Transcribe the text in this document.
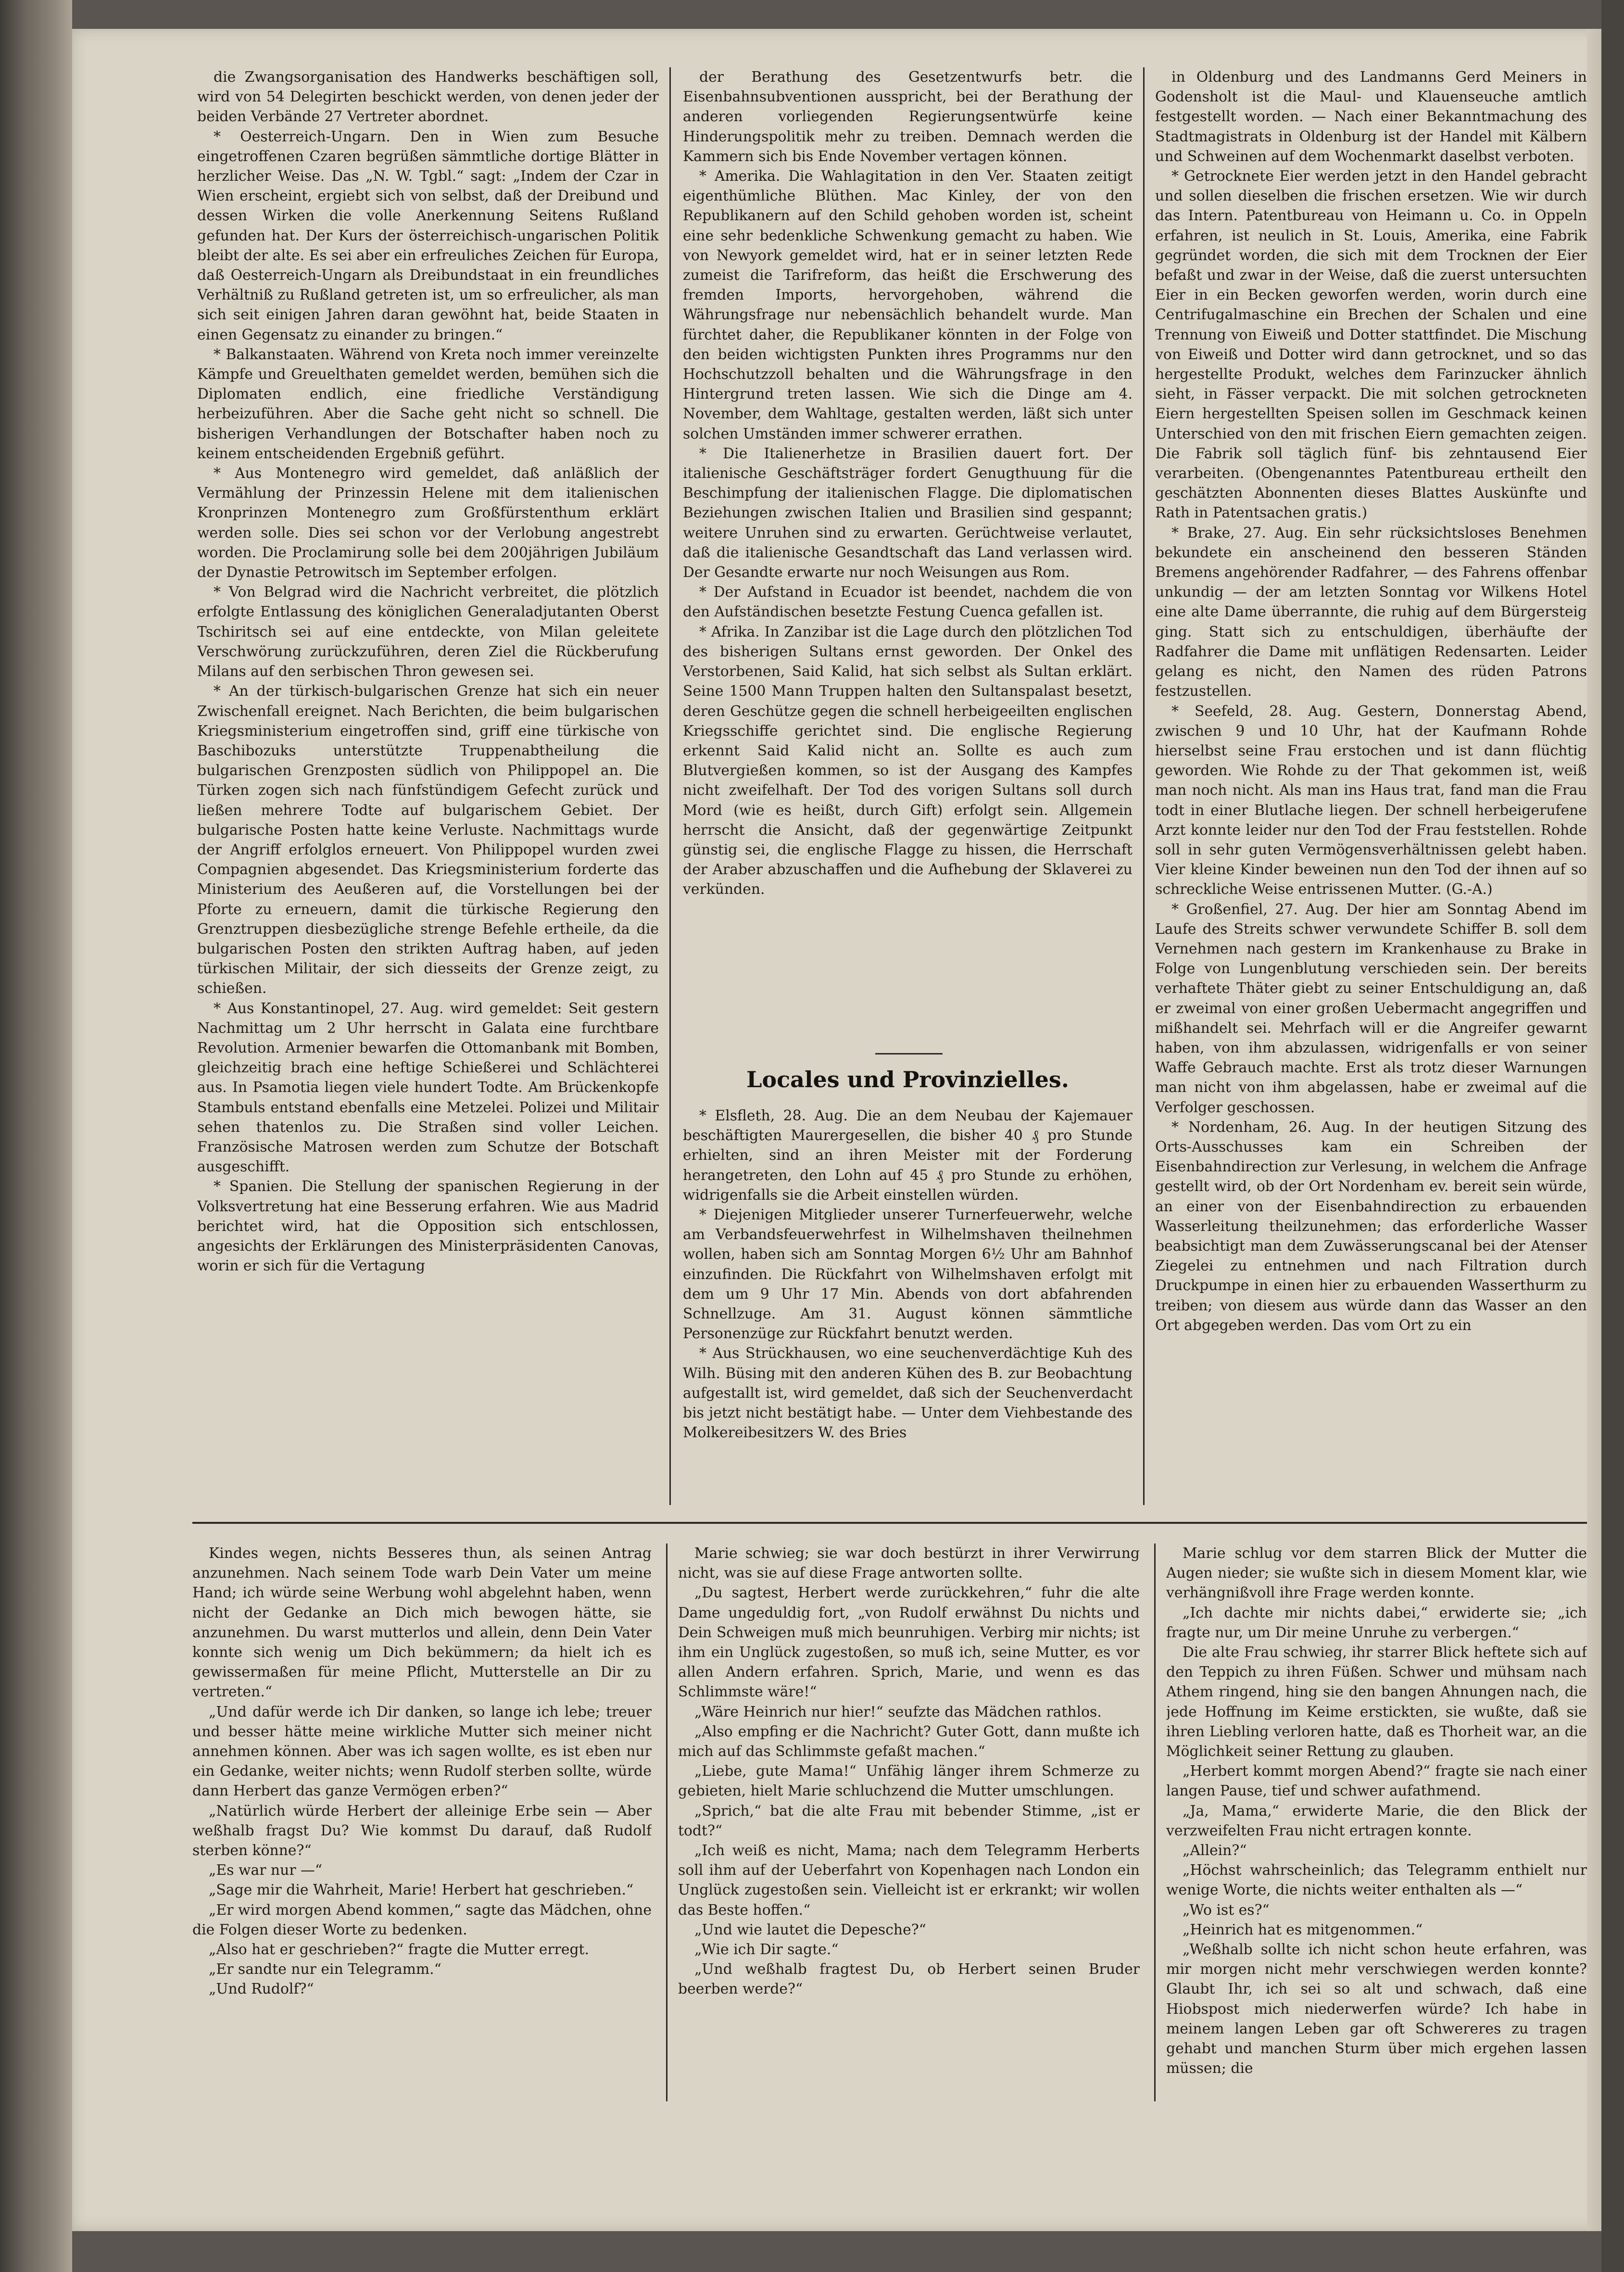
die Zwangsorganisation des Handwerks beschäftigen soll, wird von 54 Delegirten beschickt werden, von denen jeder der beiden Verbände 27 Vertreter abordnet.

* Oesterreich-Ungarn. Den in Wien zum Besuche eingetroffenen Czaren begrüßen sämmtliche dortige Blätter in herzlicher Weise. Das „N. W. Tgbl.“ sagt: „Indem der Czar in Wien erscheint, ergiebt sich von selbst, daß der Dreibund und dessen Wirken die volle Anerkennung Seitens Rußland gefunden hat. Der Kurs der österreichisch-ungarischen Politik bleibt der alte. Es sei aber ein erfreuliches Zeichen für Europa, daß Oesterreich-Ungarn als Dreibundstaat in ein freundliches Verhältniß zu Rußland getreten ist, um so erfreulicher, als man sich seit einigen Jahren daran gewöhnt hat, beide Staaten in einen Gegensatz zu einander zu bringen.“

* Balkanstaaten. Während von Kreta noch immer vereinzelte Kämpfe und Greuelthaten gemeldet werden, bemühen sich die Diplomaten endlich, eine friedliche Verständigung herbeizuführen. Aber die Sache geht nicht so schnell. Die bisherigen Verhandlungen der Botschafter haben noch zu keinem entscheidenden Ergebniß geführt.

* Aus Montenegro wird gemeldet, daß anläßlich der Vermählung der Prinzessin Helene mit dem italienischen Kronprinzen Montenegro zum Großfürstenthum erklärt werden solle. Dies sei schon vor der Verlobung angestrebt worden. Die Proclamirung solle bei dem 200jährigen Jubiläum der Dynastie Petrowitsch im September erfolgen.

* Von Belgrad wird die Nachricht verbreitet, die plötzlich erfolgte Entlassung des königlichen Generaladjutanten Oberst Tschiritsch sei auf eine entdeckte, von Milan geleitete Verschwörung zurückzuführen, deren Ziel die Rückberufung Milans auf den serbischen Thron gewesen sei.

* An der türkisch-bulgarischen Grenze hat sich ein neuer Zwischenfall ereignet. Nach Berichten, die beim bulgarischen Kriegsministerium eingetroffen sind, griff eine türkische von Baschibozuks unterstützte Truppenabtheilung die bulgarischen Grenzposten südlich von Philippopel an. Die Türken zogen sich nach fünfstündigem Gefecht zurück und ließen mehrere Todte auf bulgarischem Gebiet. Der bulgarische Posten hatte keine Verluste. Nachmittags wurde der Angriff erfolglos erneuert. Von Philippopel wurden zwei Compagnien abgesendet. Das Kriegsministerium forderte das Ministerium des Aeußeren auf, die Vorstellungen bei der Pforte zu erneuern, damit die türkische Regierung den Grenztruppen diesbezügliche strenge Befehle ertheile, da die bulgarischen Posten den strikten Auftrag haben, auf jeden türkischen Militair, der sich diesseits der Grenze zeigt, zu schießen.

* Aus Konstantinopel, 27. Aug. wird gemeldet: Seit gestern Nachmittag um 2 Uhr herrscht in Galata eine furchtbare Revolution. Armenier bewarfen die Ottomanbank mit Bomben, gleichzeitig brach eine heftige Schießerei und Schlächterei aus. In Psamotia liegen viele hundert Todte. Am Brückenkopfe Stambuls entstand ebenfalls eine Metzelei. Polizei und Militair sehen thatenlos zu. Die Straßen sind voller Leichen. Französische Matrosen werden zum Schutze der Botschaft ausgeschifft.

* Spanien. Die Stellung der spanischen Regierung in der Volksvertretung hat eine Besserung erfahren. Wie aus Madrid berichtet wird, hat die Opposition sich entschlossen, angesichts der Erklärungen des Ministerpräsidenten Canovas, worin er sich für die Vertagung

der Berathung des Gesetzentwurfs betr. die Eisenbahnsubventionen ausspricht, bei der Berathung der anderen vorliegenden Regierungsentwürfe keine Hinderungspolitik mehr zu treiben. Demnach werden die Kammern sich bis Ende November vertagen können.

* Amerika. Die Wahlagitation in den Ver. Staaten zeitigt eigenthümliche Blüthen. Mac Kinley, der von den Republikanern auf den Schild gehoben worden ist, scheint eine sehr bedenkliche Schwenkung gemacht zu haben. Wie von Newyork gemeldet wird, hat er in seiner letzten Rede zumeist die Tarifreform, das heißt die Erschwerung des fremden Imports, hervorgehoben, während die Währungsfrage nur nebensächlich behandelt wurde. Man fürchtet daher, die Republikaner könnten in der Folge von den beiden wichtigsten Punkten ihres Programms nur den Hochschutzzoll behalten und die Währungsfrage in den Hintergrund treten lassen. Wie sich die Dinge am 4. November, dem Wahltage, gestalten werden, läßt sich unter solchen Umständen immer schwerer errathen.

* Die Italienerhetze in Brasilien dauert fort. Der italienische Geschäftsträger fordert Genugthuung für die Beschimpfung der italienischen Flagge. Die diplomatischen Beziehungen zwischen Italien und Brasilien sind gespannt; weitere Unruhen sind zu erwarten. Gerüchtweise verlautet, daß die italienische Gesandtschaft das Land verlassen wird. Der Gesandte erwarte nur noch Weisungen aus Rom.

* Der Aufstand in Ecuador ist beendet, nachdem die von den Aufständischen besetzte Festung Cuenca gefallen ist.

* Afrika. In Zanzibar ist die Lage durch den plötzlichen Tod des bisherigen Sultans ernst geworden. Der Onkel des Verstorbenen, Said Kalid, hat sich selbst als Sultan erklärt. Seine 1500 Mann Truppen halten den Sultanspalast besetzt, deren Geschütze gegen die schnell herbeigeeilten englischen Kriegsschiffe gerichtet sind. Die englische Regierung erkennt Said Kalid nicht an. Sollte es auch zum Blutvergießen kommen, so ist der Ausgang des Kampfes nicht zweifelhaft. Der Tod des vorigen Sultans soll durch Mord (wie es heißt, durch Gift) erfolgt sein. Allgemein herrscht die Ansicht, daß der gegenwärtige Zeitpunkt günstig sei, die englische Flagge zu hissen, die Herrschaft der Araber abzuschaffen und die Aufhebung der Sklaverei zu verkünden.

Locales und Provinzielles.

* Elsfleth, 28. Aug. Die an dem Neubau der Kajemauer beschäftigten Maurergesellen, die bisher 40 ₰ pro Stunde erhielten, sind an ihren Meister mit der Forderung herangetreten, den Lohn auf 45 ₰ pro Stunde zu erhöhen, widrigenfalls sie die Arbeit einstellen würden.

* Diejenigen Mitglieder unserer Turnerfeuerwehr, welche am Verbandsfeuerwehrfest in Wilhelmshaven theilnehmen wollen, haben sich am Sonntag Morgen 6½ Uhr am Bahnhof einzufinden. Die Rückfahrt von Wilhelmshaven erfolgt mit dem um 9 Uhr 17 Min. Abends von dort abfahrenden Schnellzuge. Am 31. August können sämmtliche Personenzüge zur Rückfahrt benutzt werden.

* Aus Strückhausen, wo eine seuchenverdächtige Kuh des Wilh. Büsing mit den anderen Kühen des B. zur Beobachtung aufgestallt ist, wird gemeldet, daß sich der Seuchenverdacht bis jetzt nicht bestätigt habe. — Unter dem Viehbestande des Molkereibesitzers W. des Bries

in Oldenburg und des Landmanns Gerd Meiners in Godensholt ist die Maul- und Klauenseuche amtlich festgestellt worden. — Nach einer Bekanntmachung des Stadtmagistrats in Oldenburg ist der Handel mit Kälbern und Schweinen auf dem Wochenmarkt daselbst verboten.

* Getrocknete Eier werden jetzt in den Handel gebracht und sollen dieselben die frischen ersetzen. Wie wir durch das Intern. Patentbureau von Heimann u. Co. in Oppeln erfahren, ist neulich in St. Louis, Amerika, eine Fabrik gegründet worden, die sich mit dem Trocknen der Eier befaßt und zwar in der Weise, daß die zuerst untersuchten Eier in ein Becken geworfen werden, worin durch eine Centrifugalmaschine ein Brechen der Schalen und eine Trennung von Eiweiß und Dotter stattfindet. Die Mischung von Eiweiß und Dotter wird dann getrocknet, und so das hergestellte Produkt, welches dem Farinzucker ähnlich sieht, in Fässer verpackt. Die mit solchen getrockneten Eiern hergestellten Speisen sollen im Geschmack keinen Unterschied von den mit frischen Eiern gemachten zeigen. Die Fabrik soll täglich fünf- bis zehntausend Eier verarbeiten. (Obengenanntes Patentbureau ertheilt den geschätzten Abonnenten dieses Blattes Auskünfte und Rath in Patentsachen gratis.)

* Brake, 27. Aug. Ein sehr rücksichtsloses Benehmen bekundete ein anscheinend den besseren Ständen Bremens angehörender Radfahrer, — des Fahrens offenbar unkundig — der am letzten Sonntag vor Wilkens Hotel eine alte Dame überrannte, die ruhig auf dem Bürgersteig ging. Statt sich zu entschuldigen, überhäufte der Radfahrer die Dame mit unflätigen Redensarten. Leider gelang es nicht, den Namen des rüden Patrons festzustellen.

* Seefeld, 28. Aug. Gestern, Donnerstag Abend, zwischen 9 und 10 Uhr, hat der Kaufmann Rohde hierselbst seine Frau erstochen und ist dann flüchtig geworden. Wie Rohde zu der That gekommen ist, weiß man noch nicht. Als man ins Haus trat, fand man die Frau todt in einer Blutlache liegen. Der schnell herbeigerufene Arzt konnte leider nur den Tod der Frau feststellen. Rohde soll in sehr guten Vermögensverhältnissen gelebt haben. Vier kleine Kinder beweinen nun den Tod der ihnen auf so schreckliche Weise entrissenen Mutter. (G.-A.)

* Großenfiel, 27. Aug. Der hier am Sonntag Abend im Laufe des Streits schwer verwundete Schiffer B. soll dem Vernehmen nach gestern im Krankenhause zu Brake in Folge von Lungenblutung verschieden sein. Der bereits verhaftete Thäter giebt zu seiner Entschuldigung an, daß er zweimal von einer großen Uebermacht angegriffen und mißhandelt sei. Mehrfach will er die Angreifer gewarnt haben, von ihm abzulassen, widrigenfalls er von seiner Waffe Gebrauch machte. Erst als trotz dieser Warnungen man nicht von ihm abgelassen, habe er zweimal auf die Verfolger geschossen.

* Nordenham, 26. Aug. In der heutigen Sitzung des Orts-Ausschusses kam ein Schreiben der Eisenbahndirection zur Verlesung, in welchem die Anfrage gestellt wird, ob der Ort Nordenham ev. bereit sein würde, an einer von der Eisenbahndirection zu erbauenden Wasserleitung theilzunehmen; das erforderliche Wasser beabsichtigt man dem Zuwässerungscanal bei der Atenser Ziegelei zu entnehmen und nach Filtration durch Druckpumpe in einen hier zu erbauenden Wasserthurm zu treiben; von diesem aus würde dann das Wasser an den Ort abgegeben werden. Das vom Ort zu ein

Kindes wegen, nichts Besseres thun, als seinen Antrag anzunehmen. Nach seinem Tode warb Dein Vater um meine Hand; ich würde seine Werbung wohl abgelehnt haben, wenn nicht der Gedanke an Dich mich bewogen hätte, sie anzunehmen. Du warst mutterlos und allein, denn Dein Vater konnte sich wenig um Dich bekümmern; da hielt ich es gewissermaßen für meine Pflicht, Mutterstelle an Dir zu vertreten.“

„Und dafür werde ich Dir danken, so lange ich lebe; treuer und besser hätte meine wirkliche Mutter sich meiner nicht annehmen können. Aber was ich sagen wollte, es ist eben nur ein Gedanke, weiter nichts; wenn Rudolf sterben sollte, würde dann Herbert das ganze Vermögen erben?“

„Natürlich würde Herbert der alleinige Erbe sein — Aber weßhalb fragst Du? Wie kommst Du darauf, daß Rudolf sterben könne?“

„Es war nur —“

„Sage mir die Wahrheit, Marie! Herbert hat geschrieben.“

„Er wird morgen Abend kommen,“ sagte das Mädchen, ohne die Folgen dieser Worte zu bedenken.

„Also hat er geschrieben?“ fragte die Mutter erregt.

„Er sandte nur ein Telegramm.“

„Und Rudolf?“

Marie schwieg; sie war doch bestürzt in ihrer Verwirrung nicht, was sie auf diese Frage antworten sollte.

„Du sagtest, Herbert werde zurückkehren,“ fuhr die alte Dame ungeduldig fort, „von Rudolf erwähnst Du nichts und Dein Schweigen muß mich beunruhigen. Verbirg mir nichts; ist ihm ein Unglück zugestoßen, so muß ich, seine Mutter, es vor allen Andern erfahren. Sprich, Marie, und wenn es das Schlimmste wäre!“

„Wäre Heinrich nur hier!“ seufzte das Mädchen rathlos.

„Also empfing er die Nachricht? Guter Gott, dann mußte ich mich auf das Schlimmste gefaßt machen.“

„Liebe, gute Mama!“ Unfähig länger ihrem Schmerze zu gebieten, hielt Marie schluchzend die Mutter umschlungen.

„Sprich,“ bat die alte Frau mit bebender Stimme, „ist er todt?“

„Ich weiß es nicht, Mama; nach dem Telegramm Herberts soll ihm auf der Ueberfahrt von Kopenhagen nach London ein Unglück zugestoßen sein. Vielleicht ist er erkrankt; wir wollen das Beste hoffen.“

„Und wie lautet die Depesche?“

„Wie ich Dir sagte.“

„Und weßhalb fragtest Du, ob Herbert seinen Bruder beerben werde?“

Marie schlug vor dem starren Blick der Mutter die Augen nieder; sie wußte sich in diesem Moment klar, wie verhängnißvoll ihre Frage werden konnte.

„Ich dachte mir nichts dabei,“ erwiderte sie; „ich fragte nur, um Dir meine Unruhe zu verbergen.“

Die alte Frau schwieg, ihr starrer Blick heftete sich auf den Teppich zu ihren Füßen. Schwer und mühsam nach Athem ringend, hing sie den bangen Ahnungen nach, die jede Hoffnung im Keime erstickten, sie wußte, daß sie ihren Liebling verloren hatte, daß es Thorheit war, an die Möglichkeit seiner Rettung zu glauben.

„Herbert kommt morgen Abend?“ fragte sie nach einer langen Pause, tief und schwer aufathmend.

„Ja, Mama,“ erwiderte Marie, die den Blick der verzweifelten Frau nicht ertragen konnte.

„Allein?“

„Höchst wahrscheinlich; das Telegramm enthielt nur wenige Worte, die nichts weiter enthalten als —“

„Wo ist es?“

„Heinrich hat es mitgenommen.“

„Weßhalb sollte ich nicht schon heute erfahren, was mir morgen nicht mehr verschwiegen werden konnte? Glaubt Ihr, ich sei so alt und schwach, daß eine Hiobspost mich niederwerfen würde? Ich habe in meinem langen Leben gar oft Schwereres zu tragen gehabt und manchen Sturm über mich ergehen lassen müssen; die
